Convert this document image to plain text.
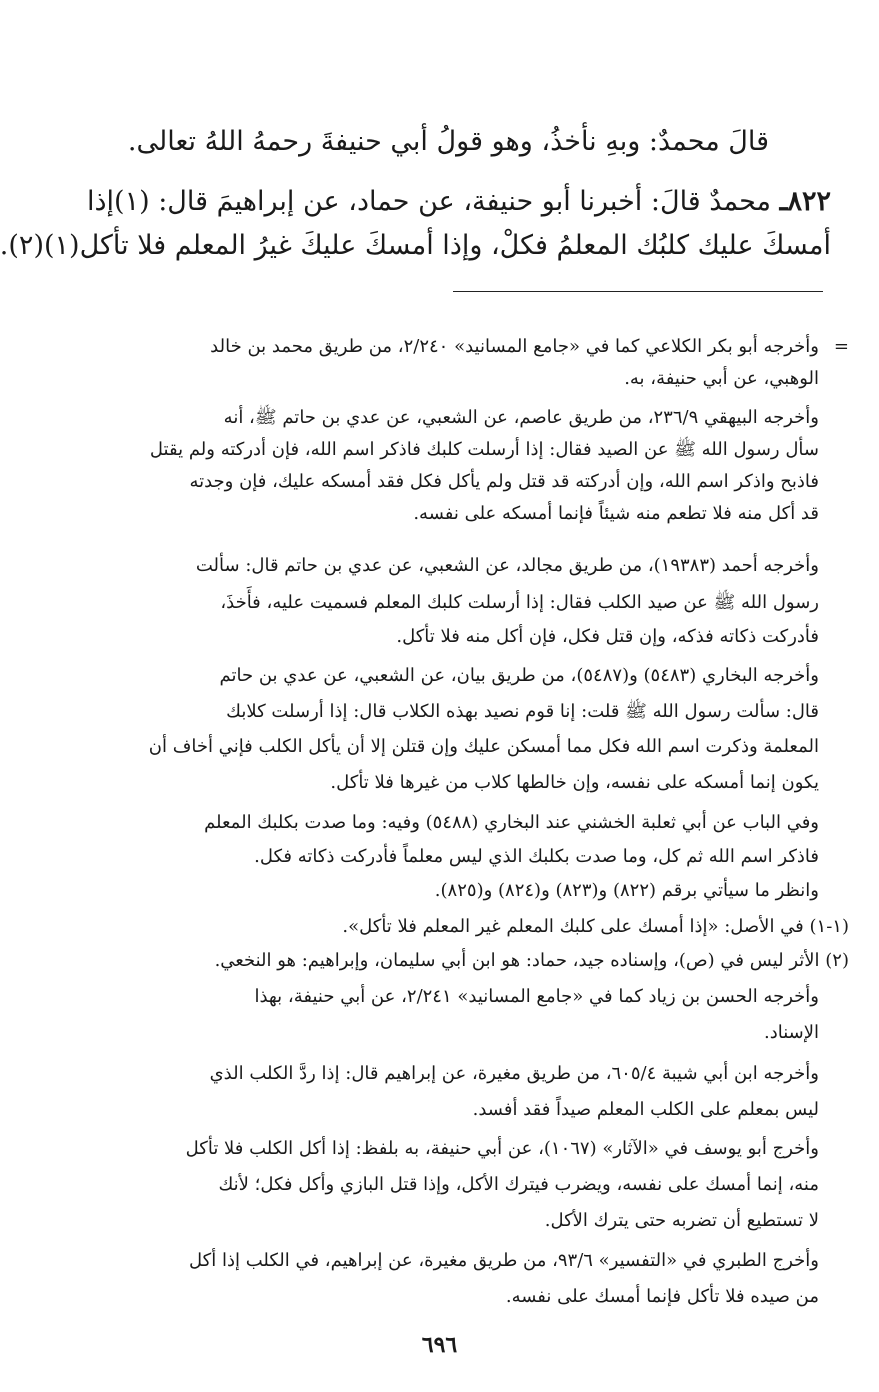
قالَ محمدٌ: وبهِ نأخذُ، وهو قولُ أبي حنيفةَ رحمهُ اللهُ تعالى.
٨٢٢ـ محمدٌ قالَ: أخبرنا أبو حنيفة، عن حماد، عن إبراهيمَ قال: (١)إذا
أمسكَ عليك كلبُك المعلمُ فكلْ، وإذا أمسكَ عليكَ غيرُ المعلم فلا تأكل(١)(٢).
=
وأخرجه أبو بكر الكلاعي كما في «جامع المسانيد» ٢/٢٤٠، من طريق محمد بن خالد
الوهبي، عن أبي حنيفة، به.
وأخرجه البيهقي ٢٣٦/٩، من طريق عاصم، عن الشعبي، عن عدي بن حاتم ﷺ، أنه
سأل رسول الله ﷺ عن الصيد فقال: إذا أرسلت كلبك فاذكر اسم الله، فإن أدركته ولم يقتل
فاذبح واذكر اسم الله، وإن أدركته قد قتل ولم يأكل فكل فقد أمسكه عليك، فإن وجدته
قد أكل منه فلا تطعم منه شيئاً فإنما أمسكه على نفسه.
وأخرجه أحمد (١٩٣٨٣)، من طريق مجالد، عن الشعبي، عن عدي بن حاتم قال: سألت
رسول الله ﷺ عن صيد الكلب فقال: إذا أرسلت كلبك المعلم فسميت عليه، فأَخذَ،
فأدركت ذكاته فذكه، وإن قتل فكل، فإن أكل منه فلا تأكل.
وأخرجه البخاري (٥٤٨٣) و(٥٤٨٧)، من طريق بيان، عن الشعبي، عن عدي بن حاتم
قال: سألت رسول الله ﷺ قلت: إنا قوم نصيد بهذه الكلاب قال: إذا أرسلت كلابك
المعلمة وذكرت اسم الله فكل مما أمسكن عليك وإن قتلن إلا أن يأكل الكلب فإني أخاف أن
يكون إنما أمسكه على نفسه، وإن خالطها كلاب من غيرها فلا تأكل.
وفي الباب عن أبي ثعلبة الخشني عند البخاري (٥٤٨٨) وفيه: وما صدت بكلبك المعلم
فاذكر اسم الله ثم كل، وما صدت بكلبك الذي ليس معلماً فأدركت ذكاته فكل.
وانظر ما سيأتي برقم (٨٢٢) و(٨٢٣) و(٨٢٤) و(٨٢٥).
(١-١) في الأصل: «إذا أمسك على كلبك المعلم غير المعلم فلا تأكل».
(٢) الأثر ليس في (ص)، وإسناده جيد، حماد: هو ابن أبي سليمان، وإبراهيم: هو النخعي.
وأخرجه الحسن بن زياد كما في «جامع المسانيد» ٢/٢٤١، عن أبي حنيفة، بهذا
الإسناد.
وأخرجه ابن أبي شيبة ٦٠٥/٤، من طريق مغيرة، عن إبراهيم قال: إذا ردَّ الكلب الذي
ليس بمعلم على الكلب المعلم صيداً فقد أفسد.
وأخرج أبو يوسف في «الآثار» (١٠٦٧)، عن أبي حنيفة، به بلفظ: إذا أكل الكلب فلا تأكل
منه، إنما أمسك على نفسه، ويضرب فيترك الأكل، وإذا قتل البازي وأكل فكل؛ لأنك
لا تستطيع أن تضربه حتى يترك الأكل.
وأخرج الطبري في «التفسير» ٩٣/٦، من طريق مغيرة، عن إبراهيم، في الكلب إذا أكل
من صيده فلا تأكل فإنما أمسك على نفسه.
٦٩٦
